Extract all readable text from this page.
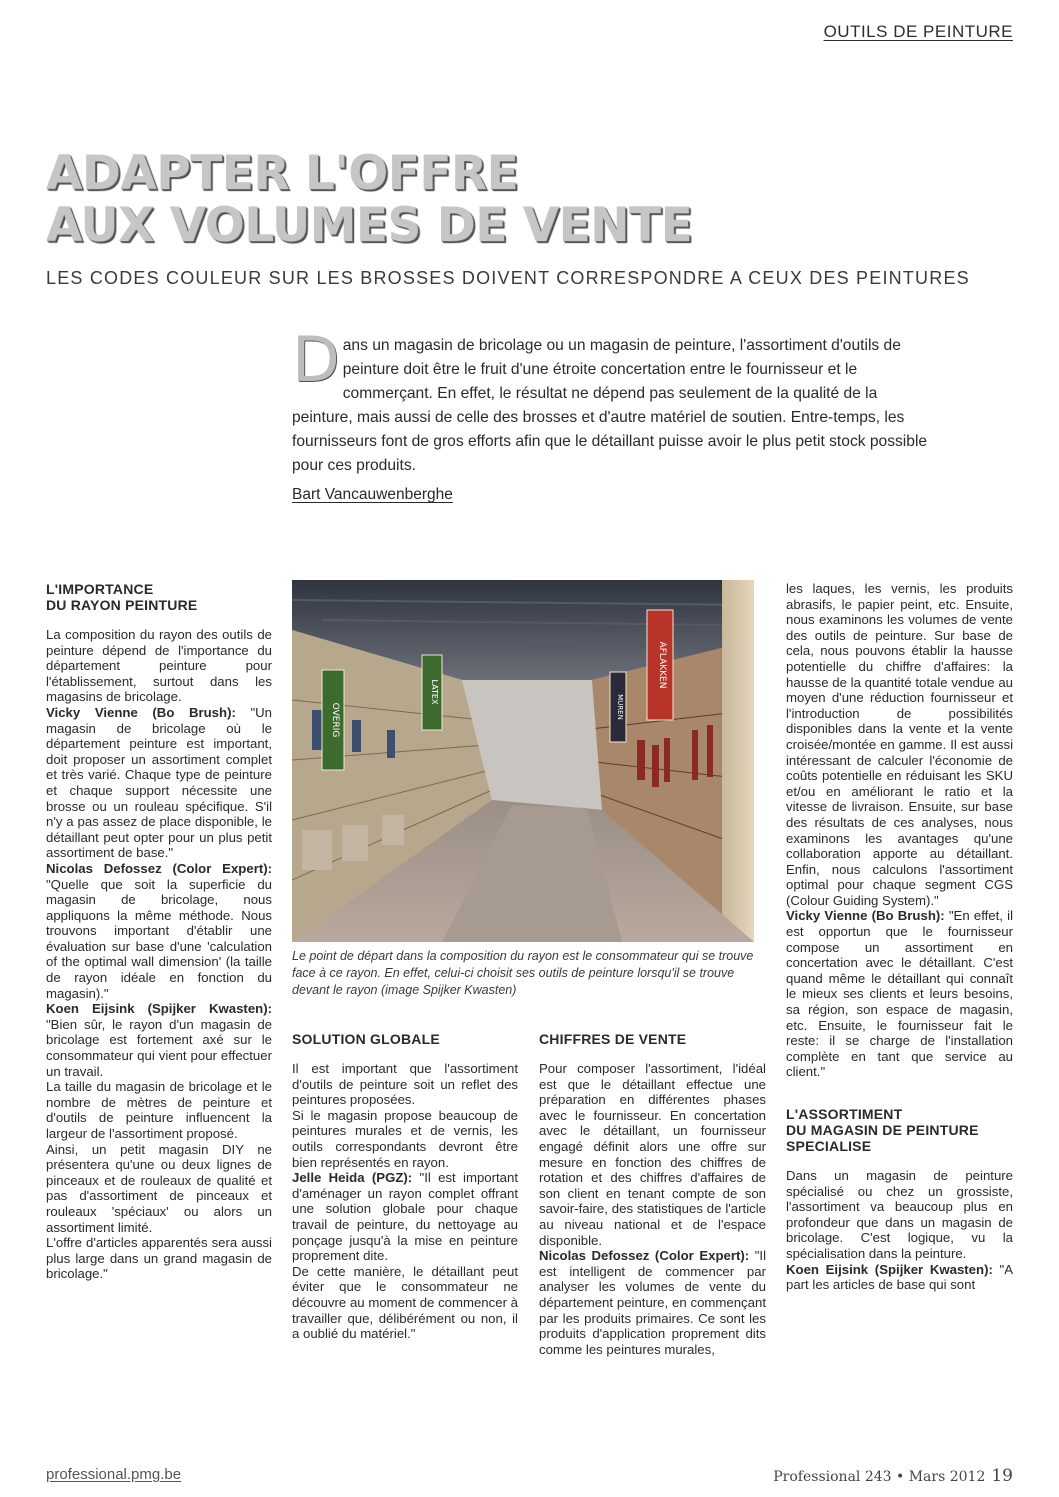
OUTILS DE PEINTURE
ADAPTER L'OFFRE
AUX VOLUMES DE VENTE
LES CODES COULEUR SUR LES BROSSES DOIVENT CORRESPONDRE A CEUX DES PEINTURES
Dans un magasin de bricolage ou un magasin de peinture, l'assortiment d'outils de peinture doit être le fruit d'une étroite concertation entre le fournisseur et le commerçant. En effet, le résultat ne dépend pas seulement de la qualité de la peinture, mais aussi de celle des brosses et d'autre matériel de soutien. Entre-temps, les fournisseurs font de gros efforts afin que le détaillant puisse avoir le plus petit stock possible pour ces produits.
Bart Vancauwenberghe
L'IMPORTANCE
DU RAYON PEINTURE

La composition du rayon des outils de peinture dépend de l'importance du département peinture pour l'établissement, surtout dans les magasins de bricolage.

Vicky Vienne (Bo Brush): "Un magasin de bricolage où le département peinture est important, doit proposer un assortiment complet et très varié. Chaque type de peinture et chaque support nécessite une brosse ou un rouleau spécifique. S'il n'y a pas assez de place disponible, le détaillant peut opter pour un plus petit assortiment de base."

Nicolas Defossez (Color Expert): "Quelle que soit la superficie du magasin de bricolage, nous appliquons la même méthode. Nous trouvons important d'établir une évaluation sur base d'une 'calculation of the optimal wall dimension' (la taille de rayon idéale en fonction du magasin)."

Koen Eijsink (Spijker Kwasten): "Bien sûr, le rayon d'un magasin de bricolage est fortement axé sur le consommateur qui vient pour effectuer un travail.

La taille du magasin de bricolage et le nombre de mètres de peinture et d'outils de peinture influencent la largeur de l'assortiment proposé.

Ainsi, un petit magasin DIY ne présentera qu'une ou deux lignes de pinceaux et de rouleaux de qualité et pas d'assortiment de pinceaux et rouleaux 'spéciaux' ou alors un assortiment limité.

L'offre d'articles apparentés sera aussi plus large dans un grand magasin de bricolage."

OVERIG
LATEX
AFLAKKEN
MUREN
Le point de départ dans la composition du rayon est le consommateur qui se trouve face à ce rayon. En effet, celui-ci choisit ses outils de peinture lorsqu'il se trouve devant le rayon (image Spijker Kwasten)
SOLUTION GLOBALE

Il est important que l'assortiment d'outils de peinture soit un reflet des peintures proposées.

Si le magasin propose beaucoup de peintures murales et de vernis, les outils correspondants devront être bien représentés en rayon.

Jelle Heida (PGZ): "Il est important d'aménager un rayon complet offrant une solution globale pour chaque travail de peinture, du nettoyage au ponçage jusqu'à la mise en peinture proprement dite.

De cette manière, le détaillant peut éviter que le consommateur ne découvre au moment de commencer à travailler que, délibérément ou non, il a oublié du matériel."

CHIFFRES DE VENTE

Pour composer l'assortiment, l'idéal est que le détaillant effectue une préparation en différentes phases avec le fournisseur. En concertation avec le détaillant, un fournisseur engagé définit alors une offre sur mesure en fonction des chiffres de rotation et des chiffres d'affaires de son client en tenant compte de son savoir-faire, des statistiques de l'article au niveau national et de l'espace disponible.

Nicolas Defossez (Color Expert): "Il est intelligent de commencer par analyser les volumes de vente du département peinture, en commençant par les produits primaires. Ce sont les produits d'application proprement dits comme les peintures murales,

les laques, les vernis, les produits abrasifs, le papier peint, etc. Ensuite, nous examinons les volumes de vente des outils de peinture. Sur base de cela, nous pouvons établir la hausse potentielle du chiffre d'affaires: la hausse de la quantité totale vendue au moyen d'une réduction fournisseur et l'introduction de possibilités disponibles dans la vente et la vente croisée/montée en gamme. Il est aussi intéressant de calculer l'économie de coûts potentielle en réduisant les SKU et/ou en améliorant le ratio et la vitesse de livraison. Ensuite, sur base des résultats de ces analyses, nous examinons les avantages qu'une collaboration apporte au détaillant. Enfin, nous calculons l'assortiment optimal pour chaque segment CGS (Colour Guiding System)."

Vicky Vienne (Bo Brush): "En effet, il est opportun que le fournisseur compose un assortiment en concertation avec le détaillant. C'est quand même le détaillant qui connaît le mieux ses clients et leurs besoins, sa région, son espace de magasin, etc. Ensuite, le fournisseur fait le reste: il se charge de l'installation complète en tant que service au client."

L'ASSORTIMENT
DU MAGASIN DE PEINTURE
SPECIALISE

Dans un magasin de peinture spécialisé ou chez un grossiste, l'assortiment va beaucoup plus en profondeur que dans un magasin de bricolage. C'est logique, vu la spécialisation dans la peinture.

Koen Eijsink (Spijker Kwasten): "A part les articles de base qui sont

professional.pmg.be	Professional 243 • Mars 2012 19
